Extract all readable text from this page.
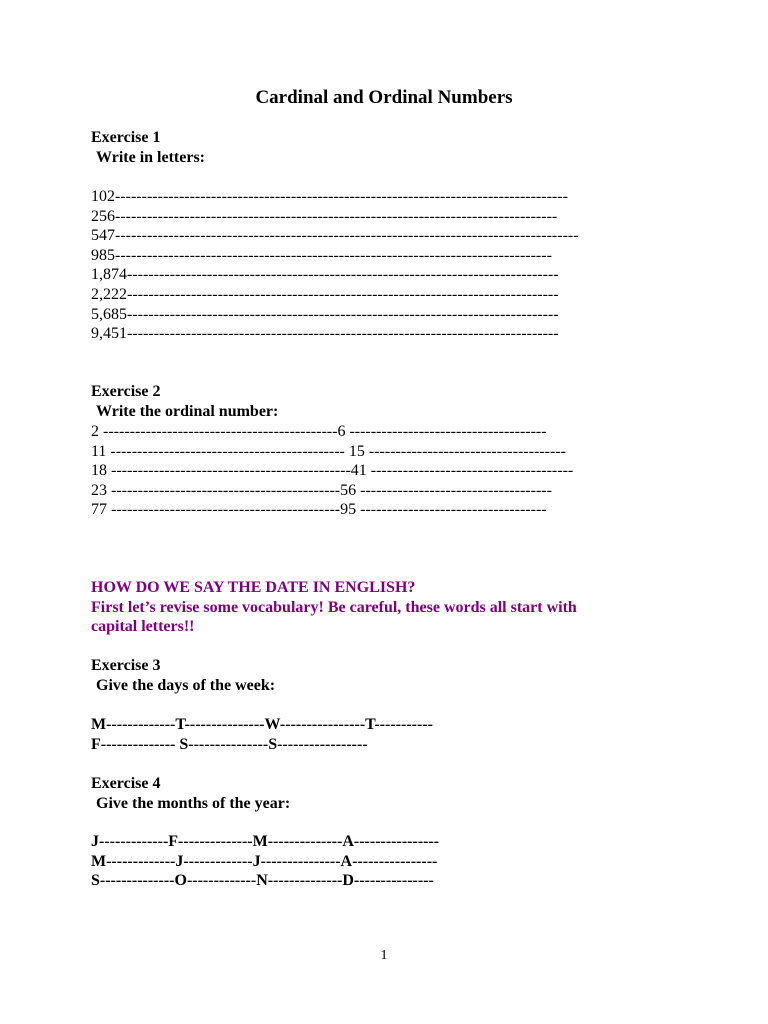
Cardinal and Ordinal Numbers
Exercise 1
Write in letters:
102-------------------------------------------------------------------------------------
256-----------------------------------------------------------------------------------
547---------------------------------------------------------------------------------------
985----------------------------------------------------------------------------------
1,874---------------------------------------------------------------------------------
2,222---------------------------------------------------------------------------------
5,685---------------------------------------------------------------------------------
9,451---------------------------------------------------------------------------------
Exercise 2
Write the ordinal number:
2 --------------------------------------------6 -------------------------------------
11 -------------------------------------------- 15 -------------------------------------
18 ---------------------------------------------41 --------------------------------------
23 -------------------------------------------56 ------------------------------------
77 -------------------------------------------95 -----------------------------------
HOW DO WE SAY THE DATE IN ENGLISH?
First let’s revise some vocabulary! Be careful, these words all start with
capital letters!!
Exercise 3
Give the days of the week:
M-------------T---------------W----------------T-----------
F-------------- S---------------S-----------------
Exercise 4
Give the months of the year:
J-------------F--------------M--------------A----------------
M-------------J-------------J---------------A----------------
S--------------O-------------N--------------D---------------
1
